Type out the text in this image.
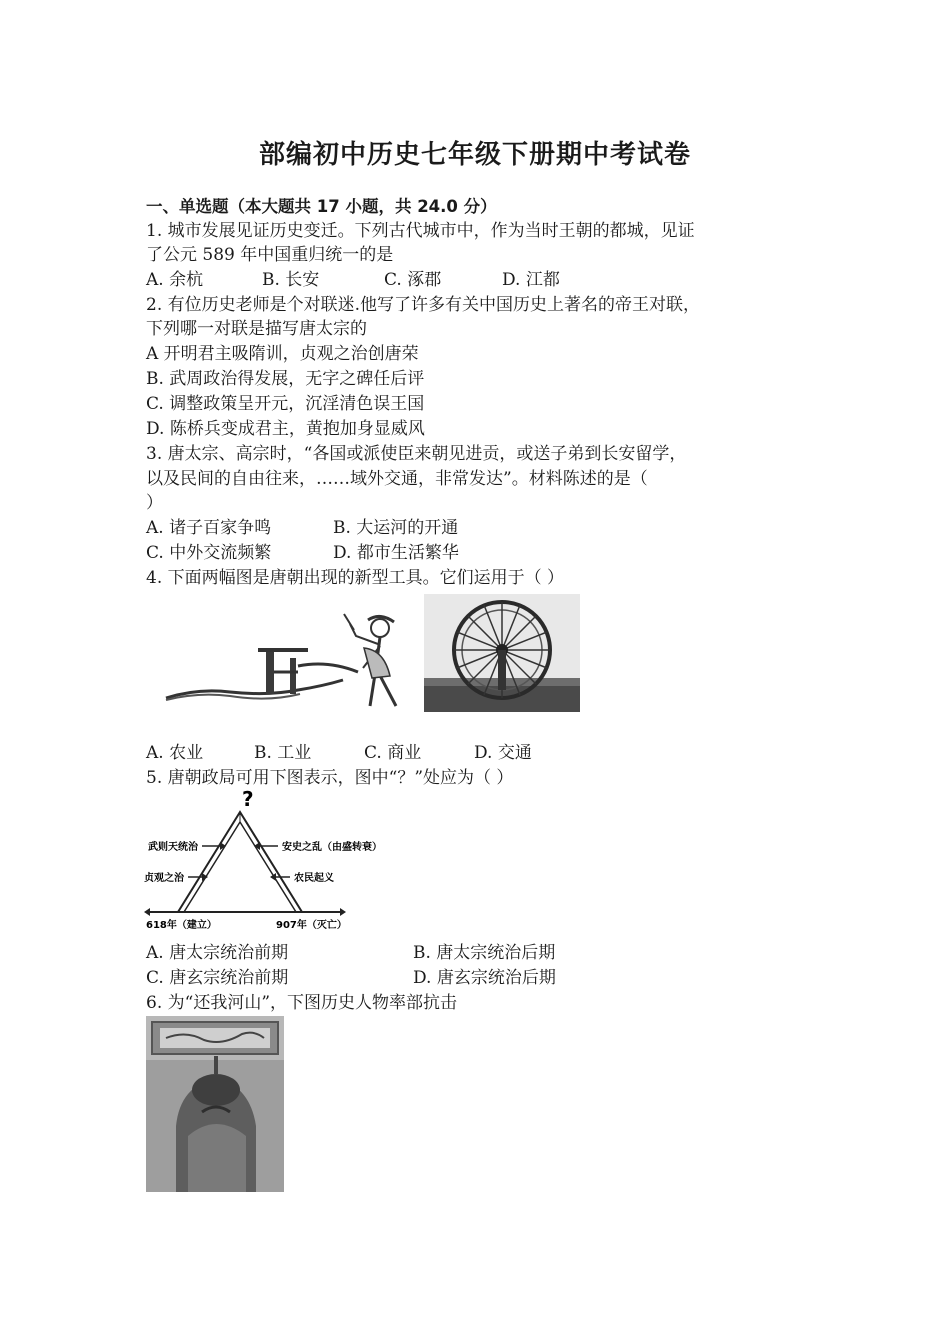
部编初中历史七年级下册期中考试卷
一、单选题（本大题共 17 小题，共 24.0 分）
1. 城市发展见证历史变迁。下列古代城市中，作为当时王朝的都城，见证
了公元 589 年中国重归统一的是
A. 余杭	B. 长安	C. 涿郡	D. 江都
2. 有位历史老师是个对联迷.他写了许多有关中国历史上著名的帝王对联，
下列哪一对联是描写唐太宗的
A 开明君主吸隋训，贞观之治创唐荣
B. 武周政治得发展，无字之碑任后评
C. 调整政策呈开元，沉淫清色误王国
D. 陈桥兵变成君主，黄抱加身显威风
3. 唐太宗、高宗时，“各国或派使臣来朝见进贡，或送子弟到长安留学，
以及民间的自由往来，……域外交通，非常发达”。材料陈述的是（
）
A. 诸子百家争鸣	B. 大运河的开通
C. 中外交流频繁	D. 都市生活繁华
4. 下面两幅图是唐朝出现的新型工具。它们运用于（ ）
A. 农业	B. 工业	C. 商业	D. 交通
5. 唐朝政局可用下图表示，图中“？”处应为（ ）
?
武则天统治
贞观之治
安史之乱（由盛转衰）
农民起义
618年（建立）	907年（灭亡）
A. 唐太宗统治前期	B. 唐太宗统治后期
C. 唐玄宗统治前期	D. 唐玄宗统治后期
6. 为“还我河山”，下图历史人物率部抗击
